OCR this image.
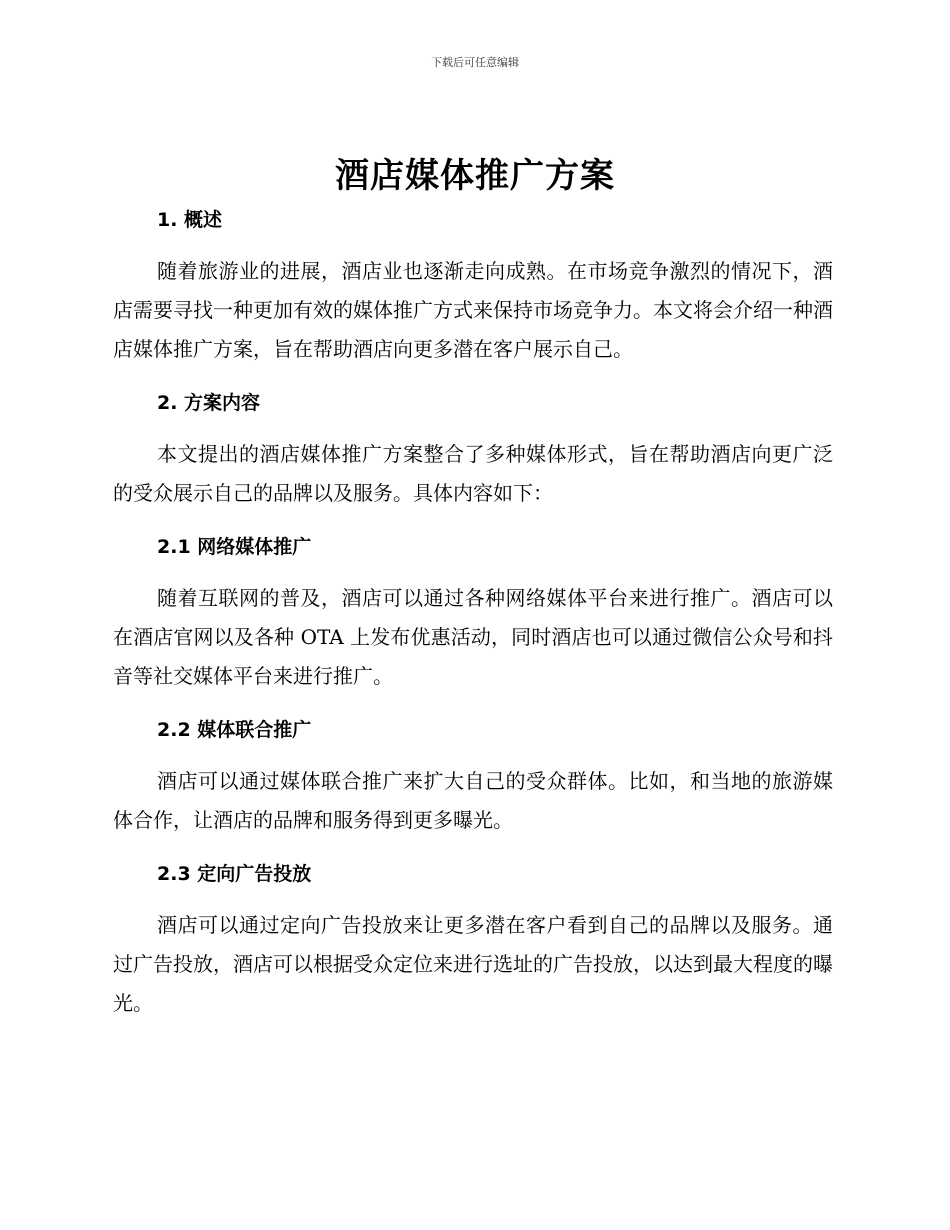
下载后可任意编辑
酒店媒体推广方案

1. 概述

随着旅游业的进展，酒店业也逐渐走向成熟。在市场竞争激烈的情况下，酒店需要寻找一种更加有效的媒体推广方式来保持市场竞争力。本文将会介绍一种酒店媒体推广方案，旨在帮助酒店向更多潜在客户展示自己。

2. 方案内容

本文提出的酒店媒体推广方案整合了多种媒体形式，旨在帮助酒店向更广泛的受众展示自己的品牌以及服务。具体内容如下：

2.1 网络媒体推广

随着互联网的普及，酒店可以通过各种网络媒体平台来进行推广。酒店可以在酒店官网以及各种 OTA 上发布优惠活动，同时酒店也可以通过微信公众号和抖音等社交媒体平台来进行推广。

2.2 媒体联合推广

酒店可以通过媒体联合推广来扩大自己的受众群体。比如，和当地的旅游媒体合作，让酒店的品牌和服务得到更多曝光。

2.3 定向广告投放

酒店可以通过定向广告投放来让更多潜在客户看到自己的品牌以及服务。通过广告投放，酒店可以根据受众定位来进行选址的广告投放，以达到最大程度的曝光。
